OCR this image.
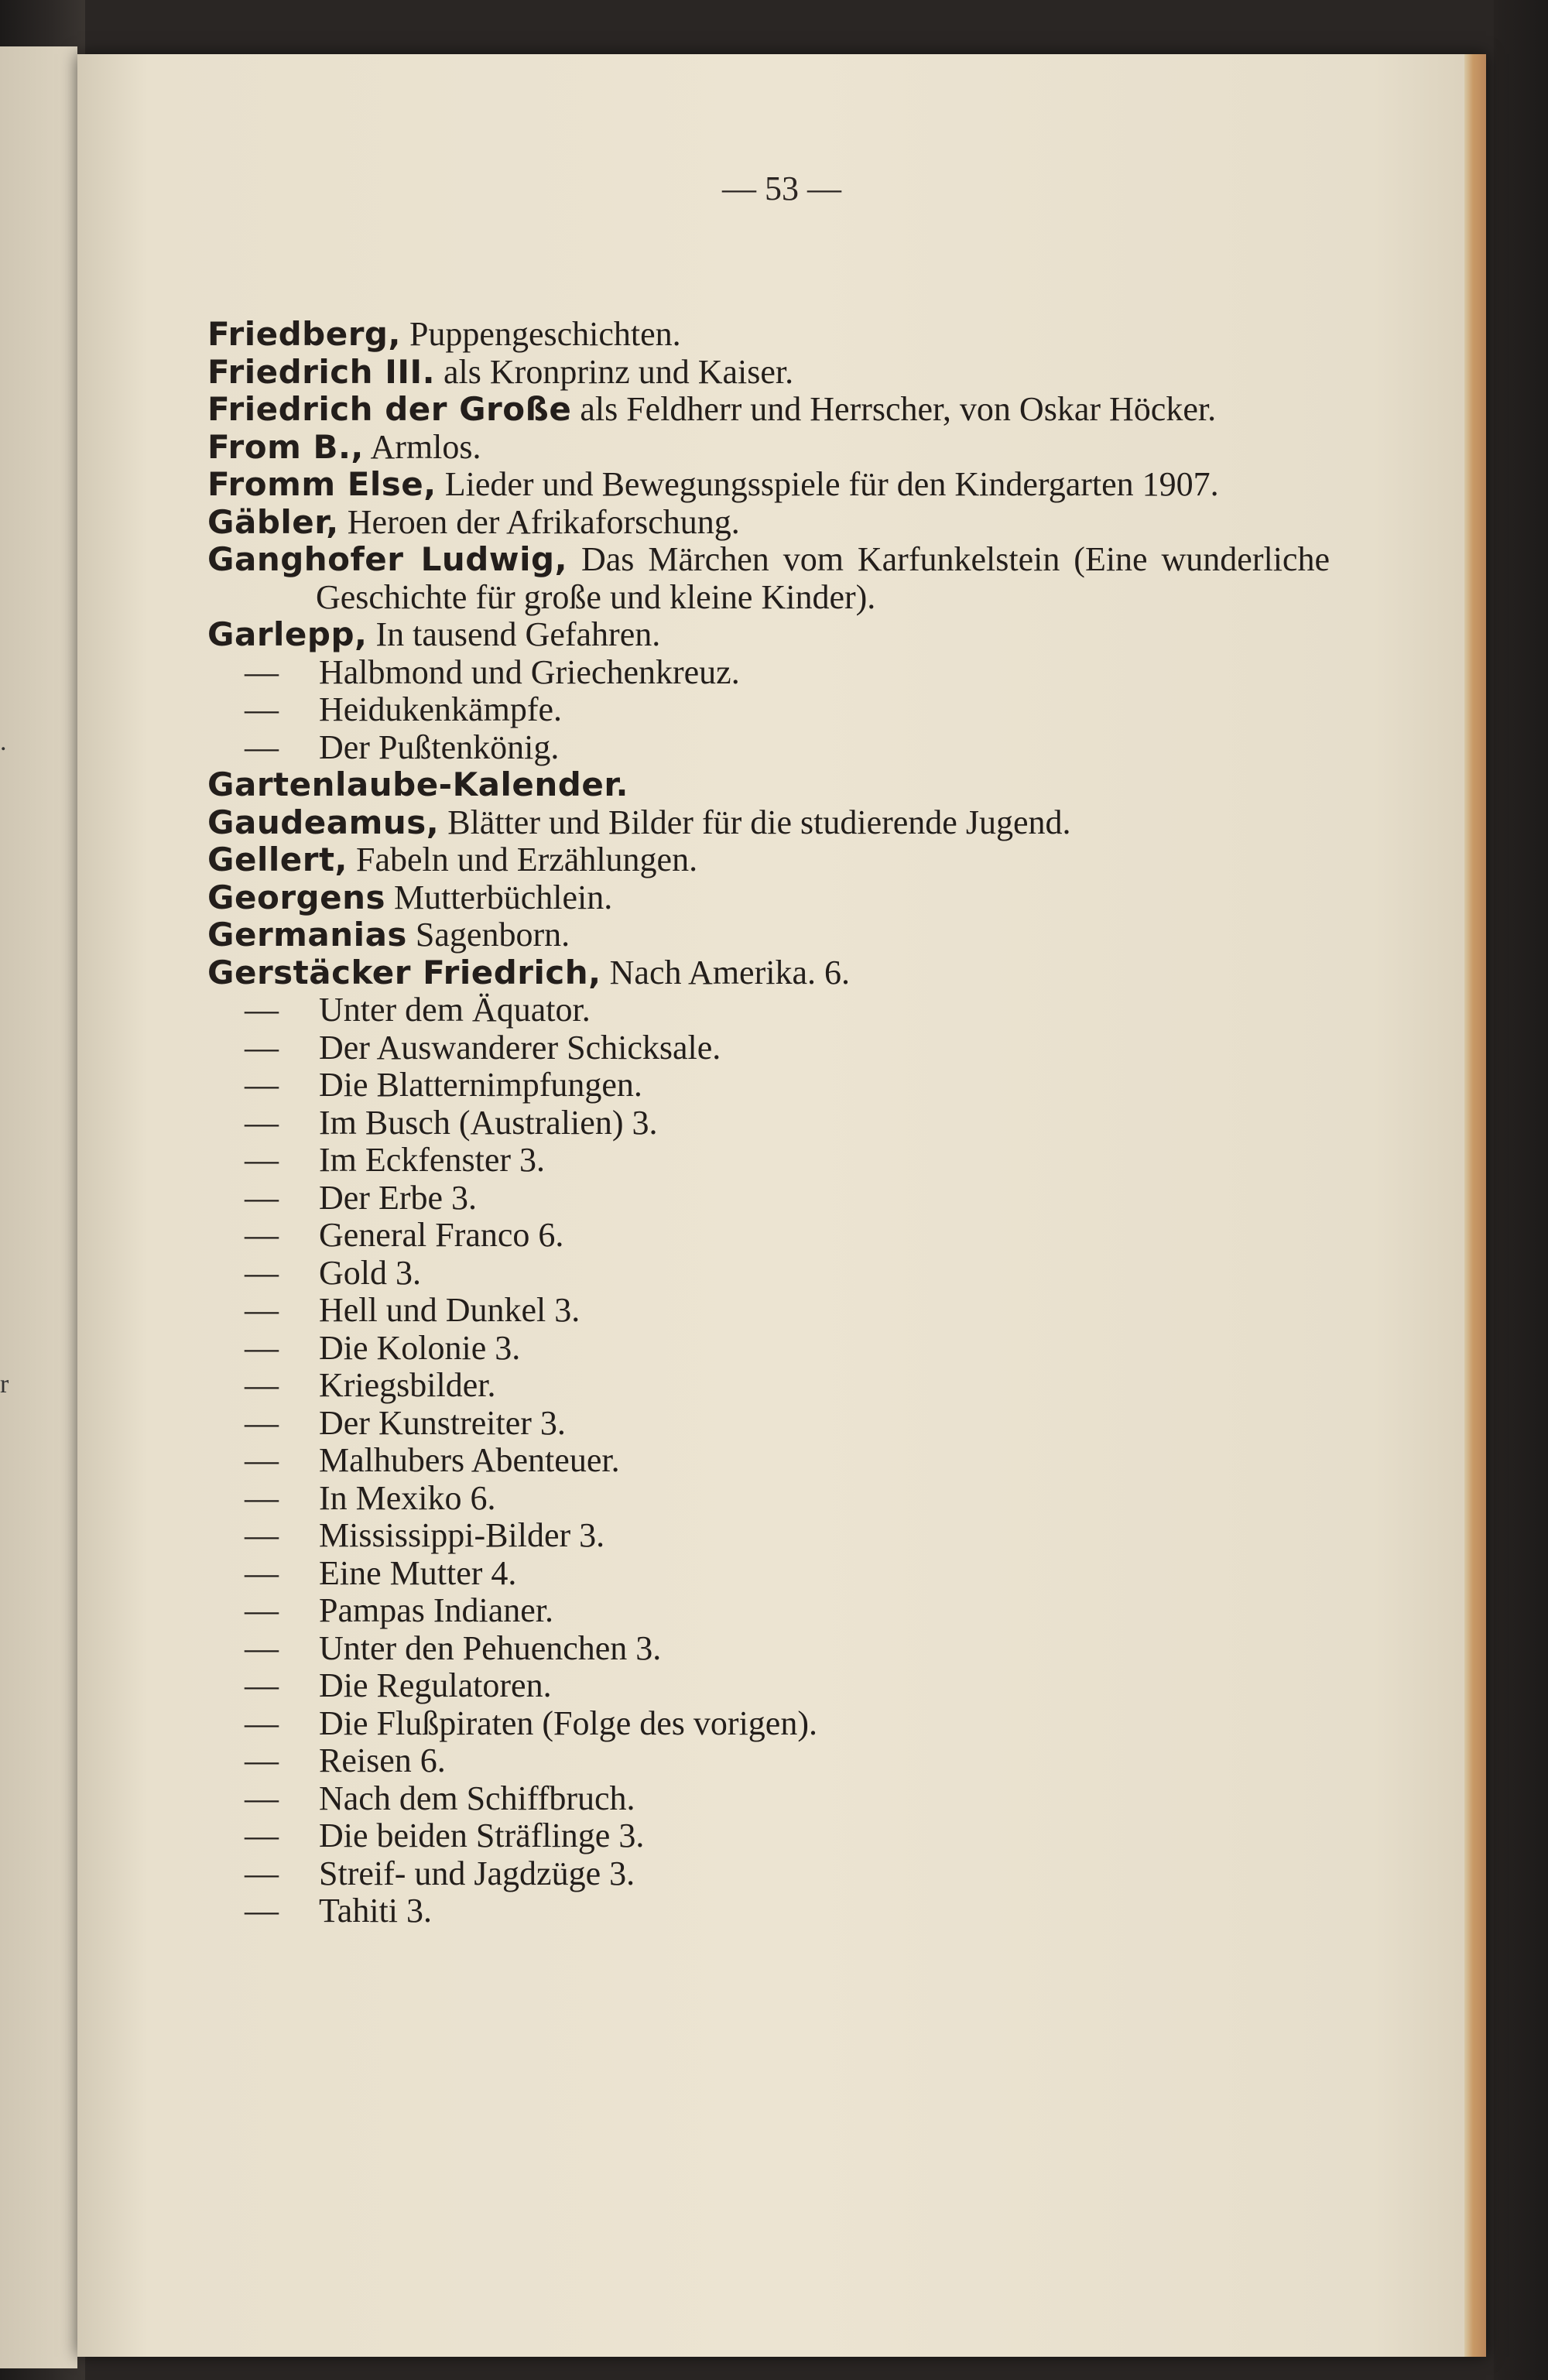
.
r
— 53 —

Friedberg, Puppengeschichten.

Friedrich III. als Kronprinz und Kaiser.

Friedrich der Große als Feldherr und Herrscher, von Oskar Höcker.

From B., Armlos.

Fromm Else, Lieder und Bewegungsspiele für den Kindergarten 1907.

Gäbler, Heroen der Afrikaforschung.

Ganghofer Ludwig, Das Märchen vom Karfunkelstein (Eine wunderliche Geschichte für große und kleine Kinder).

Garlepp, In tausend Gefahren.

— Halbmond und Griechenkreuz.

— Heidukenkämpfe.

— Der Pußtenkönig.

Gartenlaube-Kalender.

Gaudeamus, Blätter und Bilder für die studierende Jugend.

Gellert, Fabeln und Erzählungen.

Georgens Mutterbüchlein.

Germanias Sagenborn.

Gerstäcker Friedrich, Nach Amerika. 6.

— Unter dem Äquator.

— Der Auswanderer Schicksale.

— Die Blatternimpfungen.

— Im Busch (Australien) 3.

— Im Eckfenster 3.

— Der Erbe 3.

— General Franco 6.

— Gold 3.

— Hell und Dunkel 3.

— Die Kolonie 3.

— Kriegsbilder.

— Der Kunstreiter 3.

— Malhubers Abenteuer.

— In Mexiko 6.

— Mississippi-Bilder 3.

— Eine Mutter 4.

— Pampas Indianer.

— Unter den Pehuenchen 3.

— Die Regulatoren.

— Die Flußpiraten (Folge des vorigen).

— Reisen 6.

— Nach dem Schiffbruch.

— Die beiden Sträflinge 3.

— Streif- und Jagdzüge 3.

— Tahiti 3.
